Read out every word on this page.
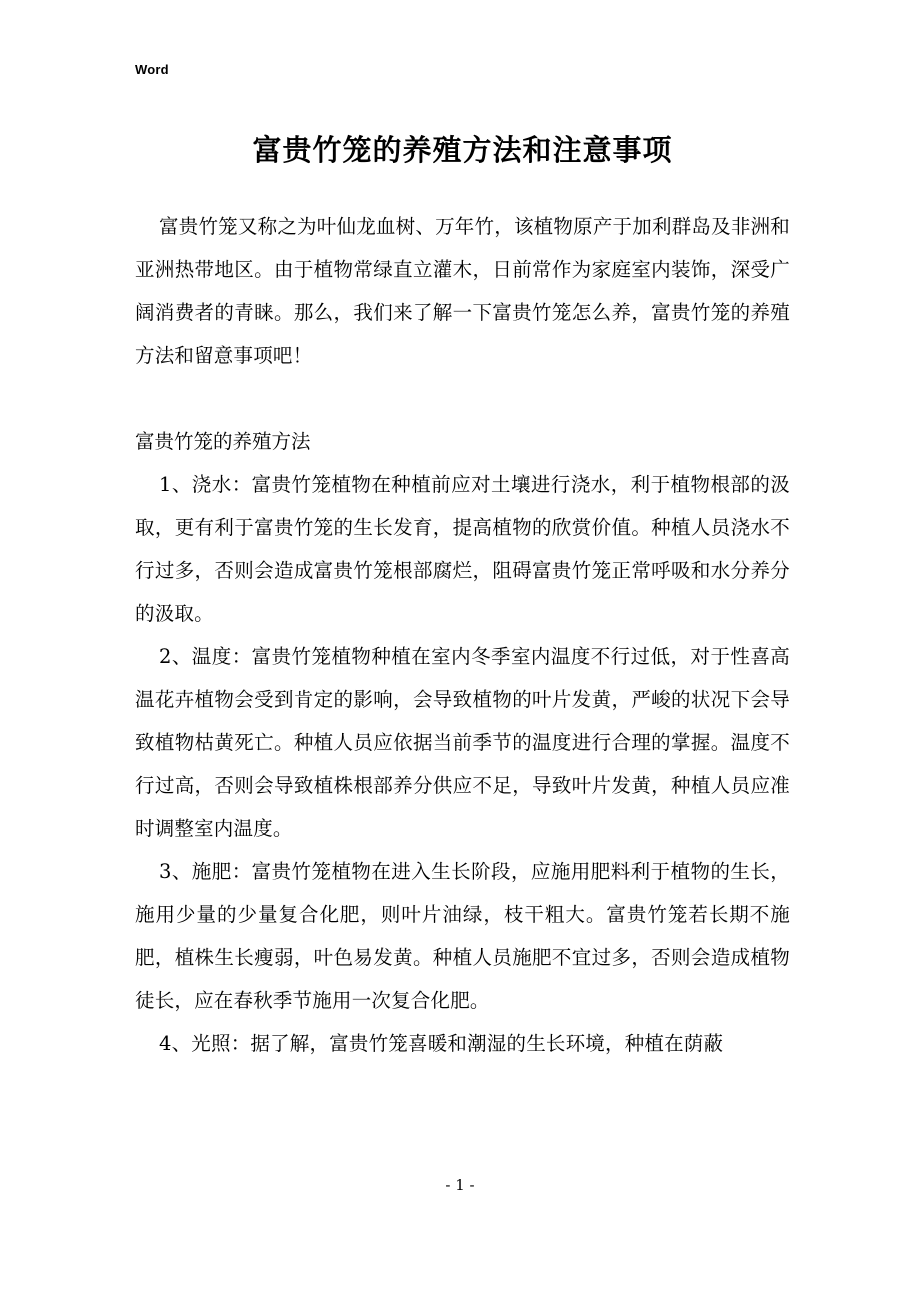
Word
富贵竹笼的养殖方法和注意事项

富贵竹笼又称之为叶仙龙血树、万年竹，该植物原产于加利群岛及非洲和亚洲热带地区。由于植物常绿直立灌木，日前常作为家庭室内装饰，深受广阔消费者的青睐。那么，我们来了解一下富贵竹笼怎么养，富贵竹笼的养殖方法和留意事项吧！

富贵竹笼的养殖方法

1、浇水：富贵竹笼植物在种植前应对土壤进行浇水，利于植物根部的汲取，更有利于富贵竹笼的生长发育，提高植物的欣赏价值。种植人员浇水不行过多，否则会造成富贵竹笼根部腐烂，阻碍富贵竹笼正常呼吸和水分养分的汲取。

2、温度：富贵竹笼植物种植在室内冬季室内温度不行过低，对于性喜高温花卉植物会受到肯定的影响，会导致植物的叶片发黄，严峻的状况下会导致植物枯黄死亡。种植人员应依据当前季节的温度进行合理的掌握。温度不行过高，否则会导致植株根部养分供应不足，导致叶片发黄，种植人员应准时调整室内温度。

3、施肥：富贵竹笼植物在进入生长阶段，应施用肥料利于植物的生长，施用少量的少量复合化肥，则叶片油绿，枝干粗大。富贵竹笼若长期不施肥，植株生长瘦弱，叶色易发黄。种植人员施肥不宜过多，否则会造成植物徒长，应在春秋季节施用一次复合化肥。

4、光照：据了解，富贵竹笼喜暖和潮湿的生长环境，种植在荫蔽

- 1 -
